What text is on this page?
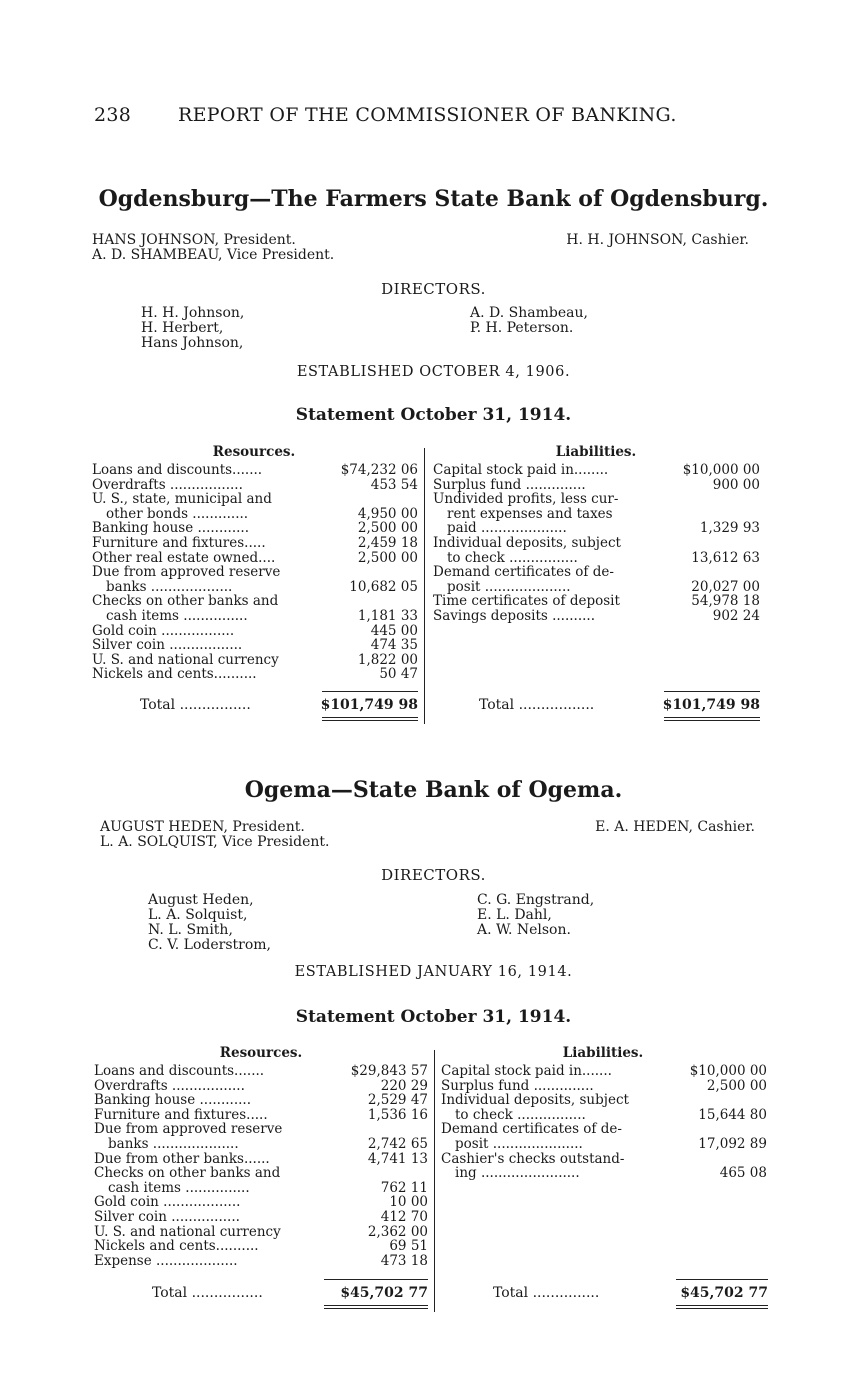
238 REPORT OF THE COMMISSIONER OF BANKING.
Ogdensburg—The Farmers State Bank of Ogdensburg.
HANS JOHNSON, President.
A. D. SHAMBEAU, Vice President.
H. H. JOHNSON, Cashier.
DIRECTORS.
H. H. Johnson,
H. Herbert,
Hans Johnson,
A. D. Shambeau,
P. H. Peterson.
ESTABLISHED OCTOBER 4, 1906.
Statement October 31, 1914.
Resources.	Liabilities.
Loans and discounts.......	$74,232 06
Overdrafts .................	453 54
U. S., state, municipal and	
other bonds .............	4,950 00
Banking house ............	2,500 00
Furniture and fixtures.....	2,459 18
Other real estate owned....	2,500 00
Due from approved reserve	
banks ...................	10,682 05
Checks on other banks and	
cash items ...............	1,181 33
Gold coin .................	445 00
Silver coin .................	474 35
U. S. and national currency	1,822 00
Nickels and cents..........	50 47
Capital stock paid in........	$10,000 00
Surplus fund ..............	900 00
Undivided profits, less cur-	
rent expenses and taxes	
paid ....................	1,329 93
Individual deposits, subject	
to check ................	13,612 63
Demand certificates of de-	
posit ....................	20,027 00
Time certificates of deposit	54,978 18
Savings deposits ..........	902 24
Total ................	$101,749 98	Total .................	$101,749 98
Ogema—State Bank of Ogema.
AUGUST HEDEN, President.
L. A. SOLQUIST, Vice President.
E. A. HEDEN, Cashier.
DIRECTORS.
August Heden,
L. A. Solquist,
N. L. Smith,
C. V. Loderstrom,
C. G. Engstrand,
E. L. Dahl,
A. W. Nelson.
ESTABLISHED JANUARY 16, 1914.
Statement October 31, 1914.
Resources.	Liabilities.
Loans and discounts.......	$29,843 57
Overdrafts .................	220 29
Banking house ............	2,529 47
Furniture and fixtures.....	1,536 16
Due from approved reserve	
banks ....................	2,742 65
Due from other banks......	4,741 13
Checks on other banks and	
cash items ...............	762 11
Gold coin ..................	10 00
Silver coin ................	412 70
U. S. and national currency	2,362 00
Nickels and cents..........	69 51
Expense ...................	473 18
Capital stock paid in.......	$10,000 00
Surplus fund ..............	2,500 00
Individual deposits, subject	
to check ................	15,644 80
Demand certificates of de-	
posit .....................	17,092 89
Cashier's checks outstand-	
ing .......................	465 08
Total ................	$45,702 77	Total ...............	$45,702 77
